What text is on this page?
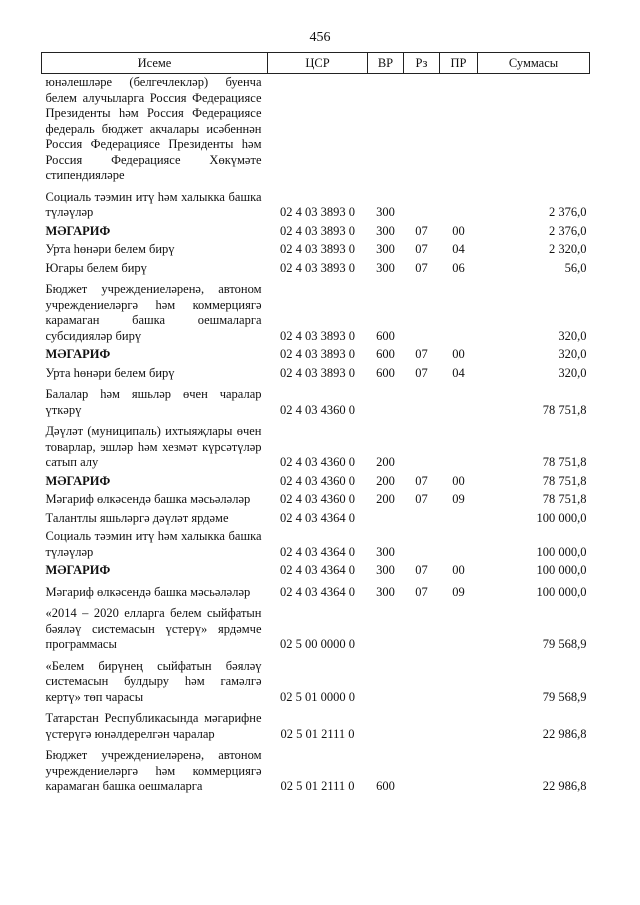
456
Исеме	ЦСР	ВР	Рз	ПР	Суммасы
юнәлешләре (белгечлекләр) буенча белем алучыларга Россия Федерациясе Президенты һәм Россия Федерациясе федераль бюджет акчалары исәбеннән Россия Федерациясе Президенты һәм Россия Федерациясе Хөкүмәте стипендияләре					
Социаль тәэмин итү һәм халыкка башка түләүләр	02 4 03 3893 0	300			2 376,0
МӘГАРИФ	02 4 03 3893 0	300	07	00	2 376,0
Урта һөнәри белем бирү	02 4 03 3893 0	300	07	04	2 320,0
Югары белем бирү	02 4 03 3893 0	300	07	06	56,0
Бюджет учреждениеләренә, автоном учреждениеләргә һәм коммерциягә карамаган башка оешмаларга субсидияләр бирү	02 4 03 3893 0	600			320,0
МӘГАРИФ	02 4 03 3893 0	600	07	00	320,0
Урта һөнәри белем бирү	02 4 03 3893 0	600	07	04	320,0
Балалар һәм яшьләр өчен чаралар үткәрү	02 4 03 4360 0				78 751,8
Дәүләт (муниципаль) ихтыяҗлары өчен товарлар, эшләр һәм хезмәт күрсәтүләр сатып алу	02 4 03 4360 0	200			78 751,8
МӘГАРИФ	02 4 03 4360 0	200	07	00	78 751,8
Мәгариф өлкәсендә башка мәсьәләләр	02 4 03 4360 0	200	07	09	78 751,8
Талантлы яшьләргә дәүләт ярдәме	02 4 03 4364 0				100 000,0
Социаль тәэмин итү һәм халыкка башка түләүләр	02 4 03 4364 0	300			100 000,0
МӘГАРИФ	02 4 03 4364 0	300	07	00	100 000,0
Мәгариф өлкәсендә башка мәсьәләләр	02 4 03 4364 0	300	07	09	100 000,0
«2014 – 2020 елларга белем сыйфатын бәяләү системасын үстерү» ярдәмче программасы	02 5 00 0000 0				79 568,9
«Белем бирүнең сыйфатын бәяләү системасын булдыру һәм гамәлгә кертү» төп чарасы	02 5 01 0000 0				79 568,9
Татарстан Республикасында мәгарифне үстерүгә юнәлдерелгән чаралар	02 5 01 2111 0				22 986,8
Бюджет учреждениеләренә, автоном учреждениеләргә һәм коммерциягә карамаган башка оешмаларга	02 5 01 2111 0	600			22 986,8
